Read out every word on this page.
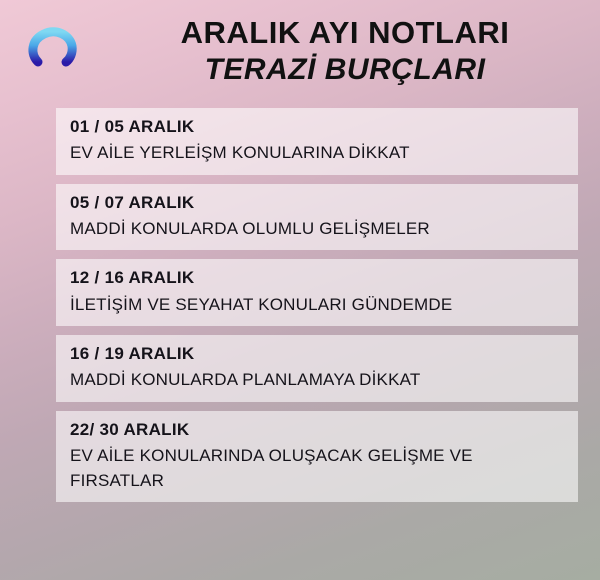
ARALIK AYI NOTLARI
TERAZİ BURÇLARI
01 / 05 ARALIK
EV AİLE YERLEİŞM KONULARINA DİKKAT
05 / 07 ARALIK
MADDİ KONULARDA OLUMLU GELİŞMELER
12 / 16 ARALIK
İLETİŞİM VE SEYAHAT KONULARI GÜNDEMDE
16 / 19 ARALIK
MADDİ KONULARDA PLANLAMAYA DİKKAT
22/ 30 ARALIK
EV AİLE KONULARINDA OLUŞACAK GELİŞME VE FIRSATLAR
